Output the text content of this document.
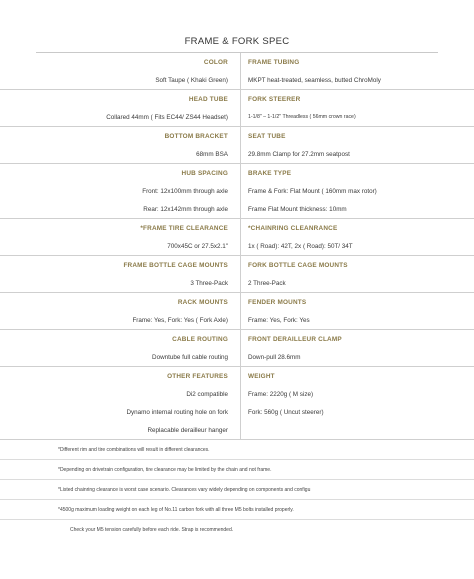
FRAME & FORK SPEC
COLOR	FRAME TUBING
Soft Taupe ( Khaki Green)	MKPT heat-treated, seamless, butted ChroMoly
HEAD TUBE	FORK STEERER
Collared 44mm ( Fits EC44/ ZS44 Headset)	1-1/8" – 1-1/2" Threadless ( 56mm crown race)
BOTTOM BRACKET	SEAT TUBE
68mm BSA	29.8mm Clamp for 27.2mm seatpost
HUB SPACING	BRAKE TYPE
Front: 12x100mm through axle	Frame & Fork: Flat Mount ( 160mm max rotor)
Rear: 12x142mm through axle	Frame Flat Mount thickness: 10mm
*FRAME TIRE CLEARANCE	*CHAINRING CLEANRANCE
700x45C or 27.5x2.1"	1x ( Road): 42T, 2x ( Road): 50T/ 34T
FRAME BOTTLE CAGE MOUNTS	FORK BOTTLE CAGE MOUNTS
3 Three-Pack	2 Three-Pack
RACK MOUNTS	FENDER MOUNTS
Frame: Yes, Fork: Yes ( Fork Axle)	Frame: Yes, Fork: Yes
CABLE ROUTING	FRONT DERAILLEUR CLAMP
Downtube full cable routing	Down-pull 28.6mm
OTHER FEATURES	WEIGHT
Di2 compatible	Frame: 2220g ( M size)
Dynamo internal routing hole on fork	Fork: 560g ( Uncut steerer)
Replacable derailleur hanger
*Different rim and tire combinations will result in different clearances.
*Depending on drivetrain configuration, tire clearance may be limited by the chain and not frame.
*Listed chainring clearance is worst case scenario. Clearances vary widely depending on components and configu
*4500g maximum loading weight on each leg of No.11 carbon fork with all three M5 bolts installed properly.
Check your M5 tension carefully before each ride. Strap is recommended.
